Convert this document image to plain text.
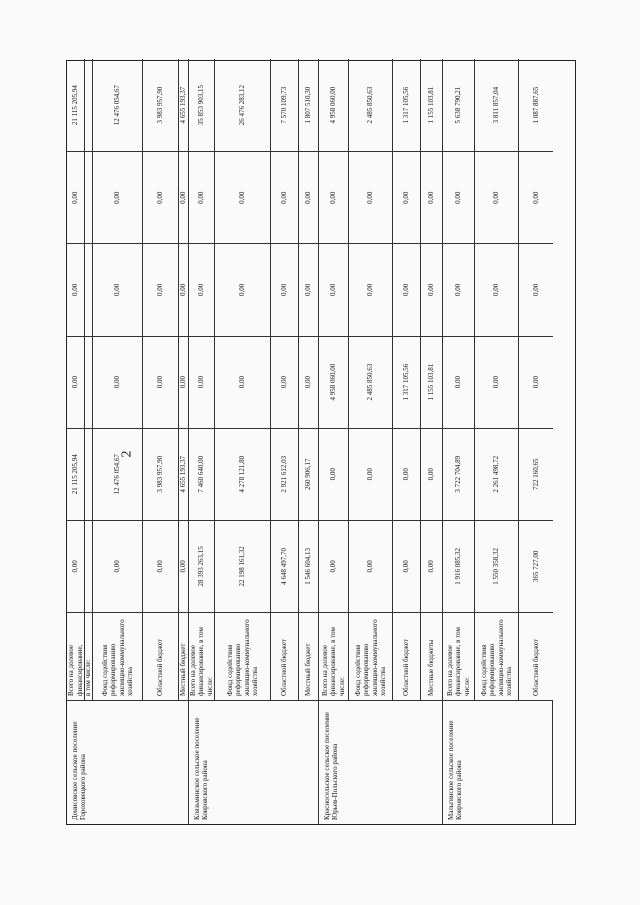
2
Денисовское сельское поселение Гороховецкого района
Всего на долевое финансирование,
0,00
21 115 205,94
0,00
0,00
0,00
21 115 205,94
в том числе:	Фонд содействия реформированию жилищно-коммунального хозяйства
0,00
12 476 054,67
0,00
0,00
0,00
12 476 054,67
Областной бюджет
0,00
3 983 957,90
0,00
0,00
0,00
3 983 957,90
Местный бюджет
0,00
4 655 193,37
0,00
0,00
0,00
4 655 193,37
Клязьминское сельское поселение Ковровского района
Всего на долевое финансирование, в том числе:
28 393 263,15
7 460 640,00
0,00
0,00
0,00
35 853 903,15
Фонд содействия реформированию жилищно-коммунального хозяйства
22 198 161,32
4 278 121,80
0,00
0,00
0,00
26 476 283,12
Областной бюджет
4 648 497,70
2 921 612,03
0,00
0,00
0,00
7 570 109,73
Местный бюджет
1 546 604,13
260 906,17
0,00
0,00
0,00
1 807 510,30
Красносельское сельское поселение Юрьев-Польского района
Всего на долевое финансирование, в том числе:
0,00
0,00
4 958 060,00
0,00
0,00
4 958 060,00
Фонд содействия реформированию жилищно-коммунального хозяйства
0,00
0,00
2 485 850,63
0,00
0,00
2 485 850,63
Областной бюджет
0,00
0,00
1 317 105,56
0,00
0,00
1 317 105,56
Местные бюджеты
0,00
0,00
1 155 103,81
0,00
0,00
1 155 103,81
Мальгинское сельское поселение Ковровского района
Всего на долевое финансирование, в том числе:
1 916 085,32
3 722 704,89
0,00
0,00
0,00
5 638 790,21
Фонд содействия реформированию жилищно-коммунального хозяйства
1 550 358,32
2 261 498,72
0,00
0,00
0,00
3 811 857,04
Областной бюджет
365 727,00
722 160,65
0,00
0,00
0,00
1 087 887,65
